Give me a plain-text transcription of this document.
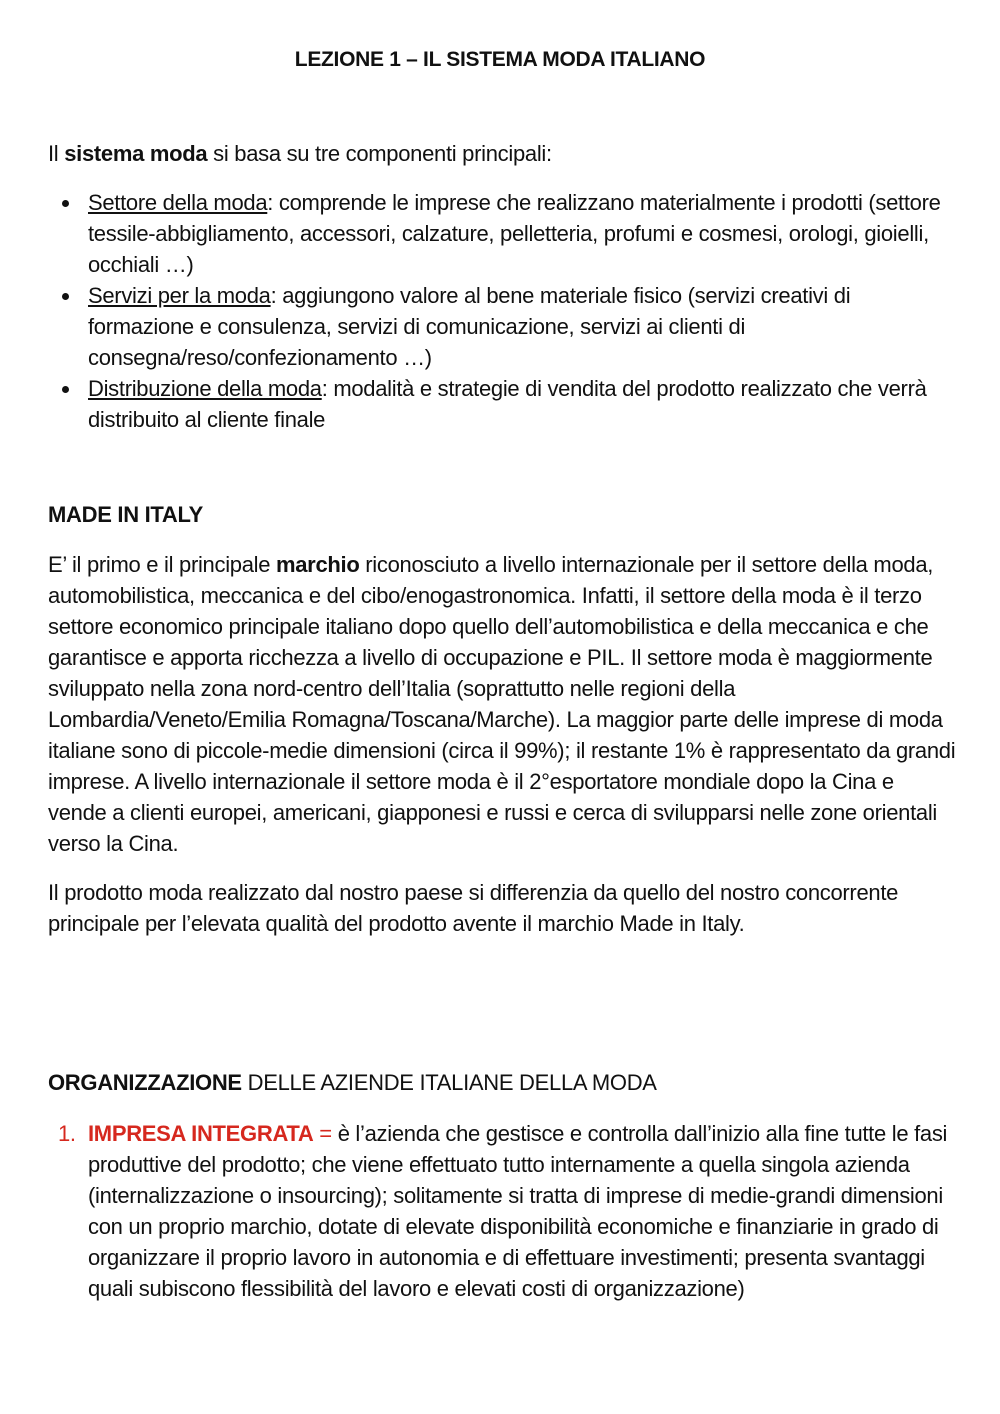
LEZIONE 1 – IL SISTEMA MODA ITALIANO

Il sistema moda si basa su tre componenti principali:

Settore della moda: comprende le imprese che realizzano materialmente i prodotti (settore tessile-abbigliamento, accessori, calzature, pelletteria, profumi e cosmesi, orologi, gioielli, occhiali …)
Servizi per la moda: aggiungono valore al bene materiale fisico (servizi creativi di formazione e consulenza, servizi di comunicazione, servizi ai clienti di consegna/reso/confezionamento …)
Distribuzione della moda: modalità e strategie di vendita del prodotto realizzato che verrà distribuito al cliente finale
MADE IN ITALY

E’ il primo e il principale marchio riconosciuto a livello internazionale per il settore della moda, automobilistica, meccanica e del cibo/enogastronomica. Infatti, il settore della moda è il terzo settore economico principale italiano dopo quello dell’automobilistica e della meccanica e che garantisce e apporta ricchezza a livello di occupazione e PIL. Il settore moda è maggiormente sviluppato nella zona nord-centro dell’Italia (soprattutto nelle regioni della Lombardia/Veneto/Emilia Romagna/Toscana/Marche). La maggior parte delle imprese di moda italiane sono di piccole-medie dimensioni (circa il 99%); il restante 1% è rappresentato da grandi imprese. A livello internazionale il settore moda è il 2°esportatore mondiale dopo la Cina e vende a clienti europei, americani, giapponesi e russi e cerca di svilupparsi nelle zone orientali verso la Cina.

Il prodotto moda realizzato dal nostro paese si differenzia da quello del nostro concorrente principale per l’elevata qualità del prodotto avente il marchio Made in Italy.

ORGANIZZAZIONE DELLE AZIENDE ITALIANE DELLA MODA
1. IMPRESA INTEGRATA = è l’azienda che gestisce e controlla dall’inizio alla fine tutte le fasi produttive del prodotto; che viene effettuato tutto internamente a quella singola azienda (internalizzazione o insourcing); solitamente si tratta di imprese di medie-grandi dimensioni con un proprio marchio, dotate di elevate disponibilità economiche e finanziarie in grado di organizzare il proprio lavoro in autonomia e di effettuare investimenti; presenta svantaggi quali subiscono flessibilità del lavoro e elevati costi di organizzazione)
